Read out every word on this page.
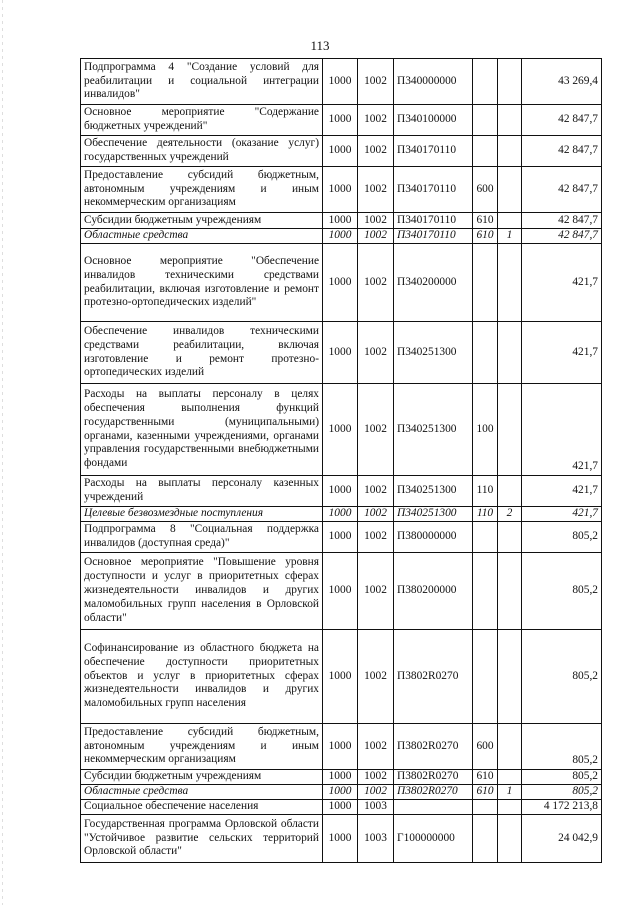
113
Подпрограмма 4 "Создание условий для реабилитации и социальной интеграции инвалидов"	1000	1002	П340000000			43 269,4
Основное мероприятие "Содержание бюджетных учреждений"	1000	1002	П340100000			42 847,7
Обеспечение деятельности (оказание услуг) государственных учреждений	1000	1002	П340170110			42 847,7
Предоставление субсидий бюджетным, автономным учреждениям и иным некоммерческим организациям	1000	1002	П340170110	600		42 847,7
Субсидии бюджетным учреждениям	1000	1002	П340170110	610		42 847,7
Областные средства	1000	1002	П340170110	610	1	42 847,7
Основное мероприятие "Обеспечение инвалидов техническими средствами реабилитации, включая изготовление и ремонт протезно-ортопедических изделий"	1000	1002	П340200000			421,7
Обеспечение инвалидов техническими средствами реабилитации, включая изготовление и ремонт протезно-ортопедических изделий	1000	1002	П340251300			421,7
Расходы на выплаты персоналу в целях обеспечения выполнения функций государственными (муниципальными) органами, казенными учреждениями, органами управления государственными внебюджетными фондами	1000	1002	П340251300	100		421,7
Расходы на выплаты персоналу казенных учреждений	1000	1002	П340251300	110		421,7
Целевые безвозмездные поступления	1000	1002	П340251300	110	2	421,7
Подпрограмма 8 "Социальная поддержка инвалидов (доступная среда)"	1000	1002	П380000000			805,2
Основное мероприятие "Повышение уровня доступности и услуг в приоритетных сферах жизнедеятельности инвалидов и других маломобильных групп населения в Орловской области"	1000	1002	П380200000			805,2
Софинансирование из областного бюджета на обеспечение доступности приоритетных объектов и услуг в приоритетных сферах жизнедеятельности инвалидов и других маломобильных групп населения	1000	1002	П3802R0270			805,2
Предоставление субсидий бюджетным, автономным учреждениям и иным некоммерческим организациям	1000	1002	П3802R0270	600		805,2
Субсидии бюджетным учреждениям	1000	1002	П3802R0270	610		805,2
Областные средства	1000	1002	П3802R0270	610	1	805,2
Социальное обеспечение населения	1000	1003				4 172 213,8
Государственная программа Орловской области "Устойчивое развитие сельских территорий Орловской области"	1000	1003	Г100000000			24 042,9
